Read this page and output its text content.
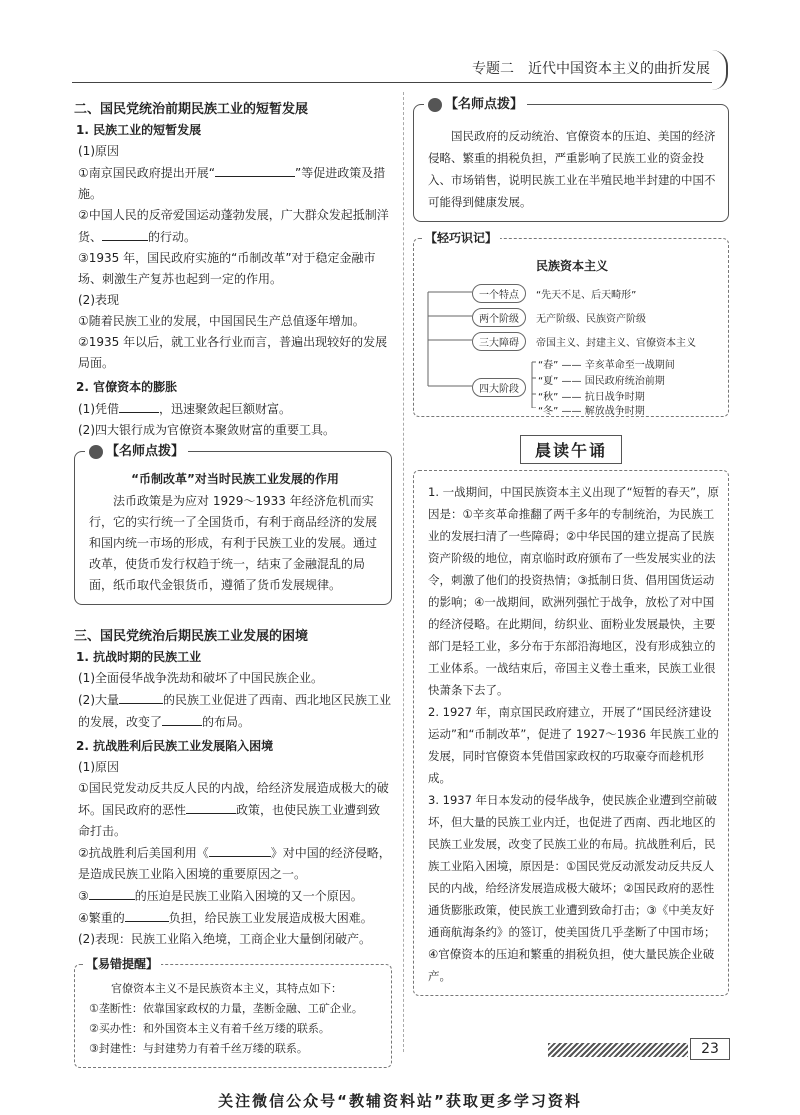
专题二　近代中国资本主义的曲折发展
二、国民党统治前期民族工业的短暂发展
1. 民族工业的短暂发展
(1)原因
①南京国民政府提出开展“	”等促进政策及措施。
②中国人民的反帝爱国运动蓬勃发展，广大群众发起抵制洋货、	的行动。
③1935 年，国民政府实施的“币制改革”对于稳定金融市场、刺激生产复苏也起到一定的作用。
(2)表现
①随着民族工业的发展，中国国民生产总值逐年增加。
②1935 年以后，就工业各行业而言，普遍出现较好的发展局面。
2. 官僚资本的膨胀
(1)凭借	，迅速聚敛起巨额财富。
(2)四大银行成为官僚资本聚敛财富的重要工具。
【名师点拨】
“币制改革”对当时民族工业发展的作用
法币政策是为应对 1929～1933 年经济危机而实行，它的实行统一了全国货币，有利于商品经济的发展和国内统一市场的形成，有利于民族工业的发展。通过改革，使货币发行权趋于统一，结束了金融混乱的局面，纸币取代金银货币，遵循了货币发展规律。
三、国民党统治后期民族工业发展的困境
1. 抗战时期的民族工业
(1)全面侵华战争洗劫和破坏了中国民族企业。
(2)大量	的民族工业促进了西南、西北地区民族工业的发展，改变了	的布局。
2. 抗战胜利后民族工业发展陷入困境
(1)原因
①国民党发动反共反人民的内战，给经济发展造成极大的破坏。国民政府的恶性	政策，也使民族工业遭到致命打击。
②抗战胜利后美国利用《	》对中国的经济侵略，是造成民族工业陷入困境的重要原因之一。
③	的压迫是民族工业陷入困境的又一个原因。
④繁重的	负担，给民族工业发展造成极大困难。
(2)表现：民族工业陷入绝境，工商企业大量倒闭破产。
【易错提醒】
官僚资本主义不是民族资本主义，其特点如下：
①垄断性：依靠国家政权的力量，垄断金融、工矿企业。
②买办性：和外国资本主义有着千丝万缕的联系。
③封建性：与封建势力有着千丝万缕的联系。
【名师点拨】
国民政府的反动统治、官僚资本的压迫、美国的经济侵略、繁重的捐税负担，严重影响了民族工业的资金投入、市场销售，说明民族工业在半殖民地半封建的中国不可能得到健康发展。
【轻巧识记】
民族资本主义
一个特点	“先天不足、后天畸形”
两个阶级	无产阶级、民族资产阶级
三大障碍	帝国主义、封建主义、官僚资本主义
四大阶段
“春” —— 辛亥革命至一战期间
“夏” —— 国民政府统治前期
“秋” —— 抗日战争时期
“冬” —— 解放战争时期
晨读午诵
1. 一战期间，中国民族资本主义出现了“短暂的春天”，原因是：①辛亥革命推翻了两千多年的专制统治，为民族工业的发展扫清了一些障碍；②中华民国的建立提高了民族资产阶级的地位，南京临时政府颁布了一些发展实业的法令，刺激了他们的投资热情；③抵制日货、倡用国货运动的影响；④一战期间，欧洲列强忙于战争，放松了对中国的经济侵略。在此期间，纺织业、面粉业发展最快，主要部门是轻工业，多分布于东部沿海地区，没有形成独立的工业体系。一战结束后，帝国主义卷土重来，民族工业很快萧条下去了。
2. 1927 年，南京国民政府建立，开展了“国民经济建设运动”和“币制改革”，促进了 1927～1936 年民族工业的发展，同时官僚资本凭借国家政权的巧取豪夺而趁机形成。
3. 1937 年日本发动的侵华战争，使民族企业遭到空前破坏，但大量的民族工业内迁，也促进了西南、西北地区的民族工业发展，改变了民族工业的布局。抗战胜利后，民族工业陷入困境，原因是：①国民党反动派发动反共反人民的内战，给经济发展造成极大破坏；②国民政府的恶性通货膨胀政策，使民族工业遭到致命打击；③《中美友好通商航海条约》的签订，使美国货几乎垄断了中国市场；④官僚资本的压迫和繁重的捐税负担，使大量民族企业破产。
23
关注微信公众号“教辅资料站”获取更多学习资料
